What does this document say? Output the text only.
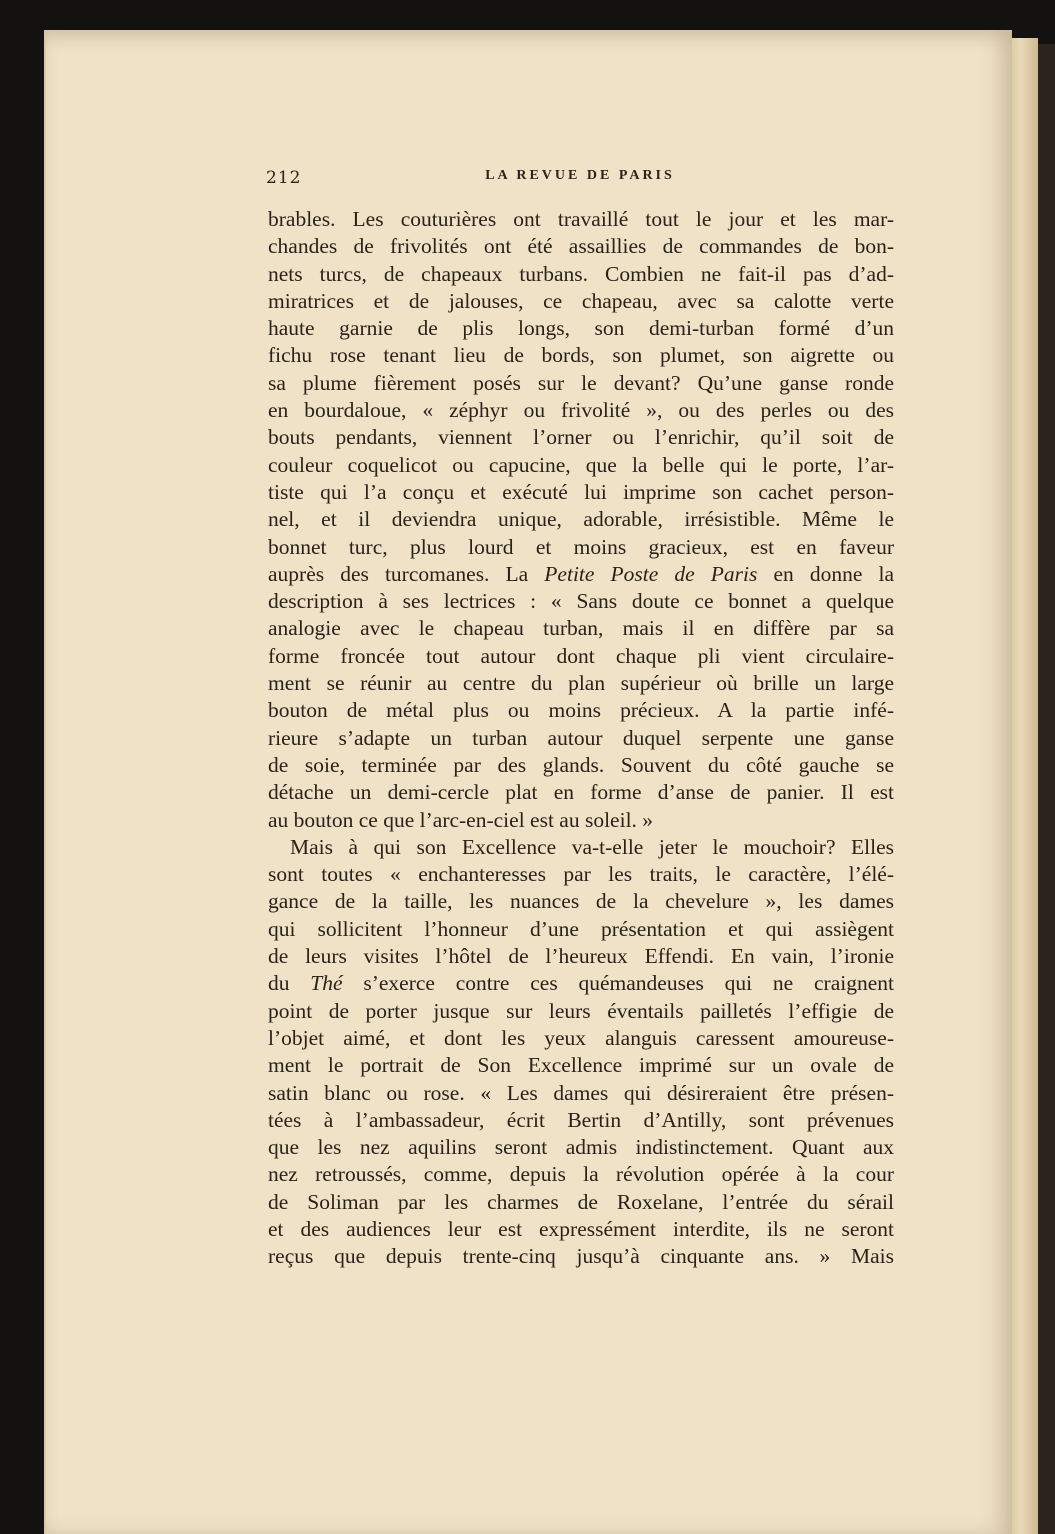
212	LA REVUE DE PARIS
brables. Les couturières ont travaillé tout le jour et les mar-
chandes de frivolités ont été assaillies de commandes de bon-
nets turcs, de chapeaux turbans. Combien ne fait-il pas d’ad-
miratrices et de jalouses, ce chapeau, avec sa calotte verte
haute garnie de plis longs, son demi-turban formé d’un
fichu rose tenant lieu de bords, son plumet, son aigrette ou
sa plume fièrement posés sur le devant? Qu’une ganse ronde
en bourdaloue, « zéphyr ou frivolité », ou des perles ou des
bouts pendants, viennent l’orner ou l’enrichir, qu’il soit de
couleur coquelicot ou capucine, que la belle qui le porte, l’ar-
tiste qui l’a conçu et exécuté lui imprime son cachet person-
nel, et il deviendra unique, adorable, irrésistible. Même le
bonnet turc, plus lourd et moins gracieux, est en faveur
auprès des turcomanes. La Petite Poste de Paris en donne la
description à ses lectrices : « Sans doute ce bonnet a quelque
analogie avec le chapeau turban, mais il en diffère par sa
forme froncée tout autour dont chaque pli vient circulaire-
ment se réunir au centre du plan supérieur où brille un large
bouton de métal plus ou moins précieux. A la partie infé-
rieure s’adapte un turban autour duquel serpente une ganse
de soie, terminée par des glands. Souvent du côté gauche se
détache un demi-cercle plat en forme d’anse de panier. Il est
au bouton ce que l’arc-en-ciel est au soleil. »
Mais à qui son Excellence va-t-elle jeter le mouchoir? Elles
sont toutes « enchanteresses par les traits, le caractère, l’élé-
gance de la taille, les nuances de la chevelure », les dames
qui sollicitent l’honneur d’une présentation et qui assiègent
de leurs visites l’hôtel de l’heureux Effendi. En vain, l’ironie
du Thé s’exerce contre ces quémandeuses qui ne craignent
point de porter jusque sur leurs éventails pailletés l’effigie de
l’objet aimé, et dont les yeux alanguis caressent amoureuse-
ment le portrait de Son Excellence imprimé sur un ovale de
satin blanc ou rose. « Les dames qui désireraient être présen-
tées à l’ambassadeur, écrit Bertin d’Antilly, sont prévenues
que les nez aquilins seront admis indistinctement. Quant aux
nez retroussés, comme, depuis la révolution opérée à la cour
de Soliman par les charmes de Roxelane, l’entrée du sérail
et des audiences leur est expressément interdite, ils ne seront
reçus que depuis trente-cinq jusqu’à cinquante ans. » Mais
